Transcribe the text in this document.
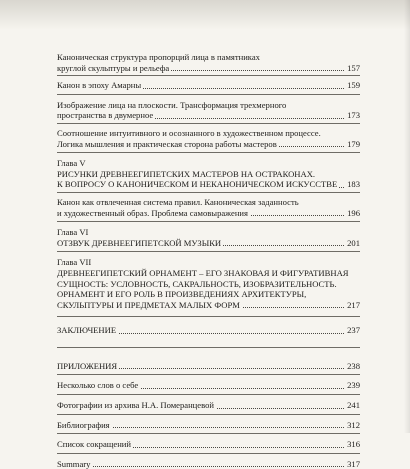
Каноническая структура пропорций лица в памятниках
круглой скульптуры и рельефа	157
Канон в эпоху Амарны	159
Изображение лица на плоскости. Трансформация трехмерного
пространства в двумерное	173
Соотношение интуитивного и осознанного в художественном процессе.
Логика мышления и практическая сторона работы мастеров	179
Глава V
РИСУНКИ ДРЕВНЕЕГИПЕТСКИХ МАСТЕРОВ НА ОСТРАКОНАХ.
К ВОПРОСУ О КАНОНИЧЕСКОМ И НЕКАНОНИЧЕСКОМ ИСКУССТВЕ	183
Канон как отвлеченная система правил. Каноническая заданность
и художественный образ. Проблема самовыражения	196
Глава VI
ОТЗВУК ДРЕВНЕЕГИПЕТСКОЙ МУЗЫКИ	201
Глава VII
ДРЕВНЕЕГИПЕТСКИЙ ОРНАМЕНТ – ЕГО ЗНАКОВАЯ И ФИГУРАТИВНАЯ
СУЩНОСТЬ: УСЛОВНОСТЬ, САКРАЛЬНОСТЬ, ИЗОБРАЗИТЕЛЬНОСТЬ.
ОРНАМЕНТ И ЕГО РОЛЬ В ПРОИЗВЕДЕНИЯХ АРХИТЕКТУРЫ,
СКУЛЬПТУРЫ И ПРЕДМЕТАХ МАЛЫХ ФОРМ	217
ЗАКЛЮЧЕНИЕ	237
ПРИЛОЖЕНИЯ	238
Несколько слов о себе	239
Фотографии из архива Н.А. Померанцевой	241
Библиография	312
Список сокращений	316
Summary	317
